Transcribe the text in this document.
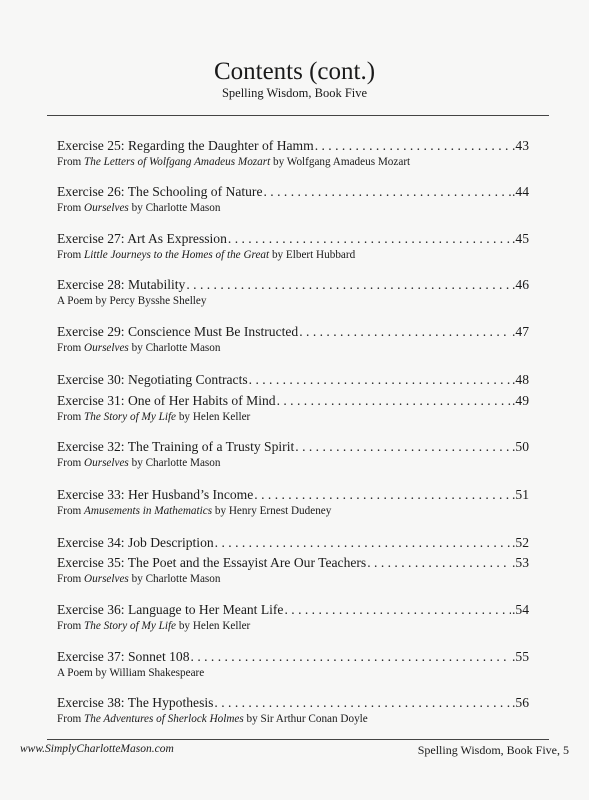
Contents (cont.)
Spelling Wisdom, Book Five
Exercise 25: Regarding the Daughter of Hamm . . .	.43
From The Letters of Wolfgang Amadeus Mozart by Wolfgang Amadeus Mozart
Exercise 26: The Schooling of Nature . . .	.44
From Ourselves by Charlotte Mason
Exercise 27: Art As Expression . . .	.45
From Little Journeys to the Homes of the Great by Elbert Hubbard
Exercise 28: Mutability . . .	.46
A Poem by Percy Bysshe Shelley
Exercise 29: Conscience Must Be Instructed . . .	.47
From Ourselves by Charlotte Mason
Exercise 30: Negotiating Contracts . . .	.48
Exercise 31: One of Her Habits of Mind . . .	.49
From The Story of My Life by Helen Keller
Exercise 32: The Training of a Trusty Spirit . . .	.50
From Ourselves by Charlotte Mason
Exercise 33: Her Husband’s Income . . .	.51
From Amusements in Mathematics by Henry Ernest Dudeney
Exercise 34: Job Description . . .	.52
Exercise 35: The Poet and the Essayist Are Our Teachers . . .	.53
From Ourselves by Charlotte Mason
Exercise 36: Language to Her Meant Life . . .	.54
From The Story of My Life by Helen Keller
Exercise 37: Sonnet 108 . . .	.55
A Poem by William Shakespeare
Exercise 38: The Hypothesis . . .	.56
From The Adventures of Sherlock Holmes by Sir Arthur Conan Doyle
www.SimplyCharlotteMason.com	Spelling Wisdom, Book Five, 5
